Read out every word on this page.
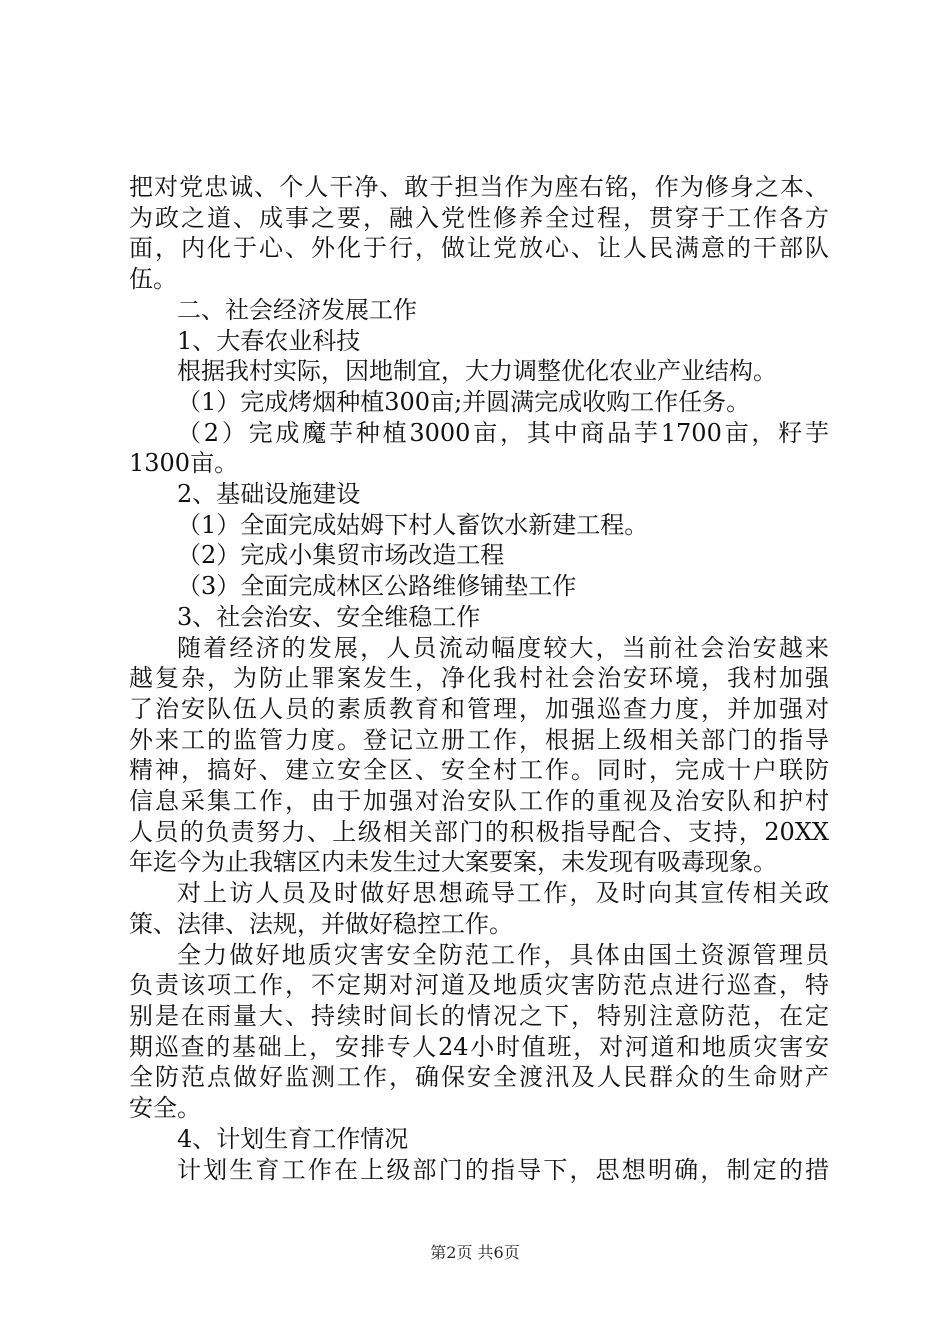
把对党忠诚、个人干净、敢于担当作为座右铭，作为修身之本、
为政之道、成事之要，融入党性修养全过程，贯穿于工作各方
面，内化于心、外化于行，做让党放心、让人民满意的干部队
伍。
二、社会经济发展工作
1、大春农业科技
根据我村实际，因地制宜，大力调整优化农业产业结构。
（1）完成烤烟种植300亩;并圆满完成收购工作任务。
（2）完成魔芋种植3000亩，其中商品芋1700亩，籽芋
1300亩。
2、基础设施建设
（1）全面完成姑姆下村人畜饮水新建工程。
（2）完成小集贸市场改造工程
（3）全面完成林区公路维修铺垫工作
3、社会治安、安全维稳工作
随着经济的发展，人员流动幅度较大，当前社会治安越来
越复杂，为防止罪案发生，净化我村社会治安环境，我村加强
了治安队伍人员的素质教育和管理，加强巡查力度，并加强对
外来工的监管力度。登记立册工作，根据上级相关部门的指导
精神，搞好、建立安全区、安全村工作。同时，完成十户联防
信息采集工作，由于加强对治安队工作的重视及治安队和护村
人员的负责努力、上级相关部门的积极指导配合、支持，20XX
年迄今为止我辖区内未发生过大案要案，未发现有吸毒现象。
对上访人员及时做好思想疏导工作，及时向其宣传相关政
策、法律、法规，并做好稳控工作。
全力做好地质灾害安全防范工作，具体由国土资源管理员
负责该项工作，不定期对河道及地质灾害防范点进行巡查，特
别是在雨量大、持续时间长的情况之下，特别注意防范，在定
期巡查的基础上，安排专人24小时值班，对河道和地质灾害安
全防范点做好监测工作，确保安全渡汛及人民群众的生命财产
安全。
4、计划生育工作情况
计划生育工作在上级部门的指导下，思想明确，制定的措
第2页 共6页
